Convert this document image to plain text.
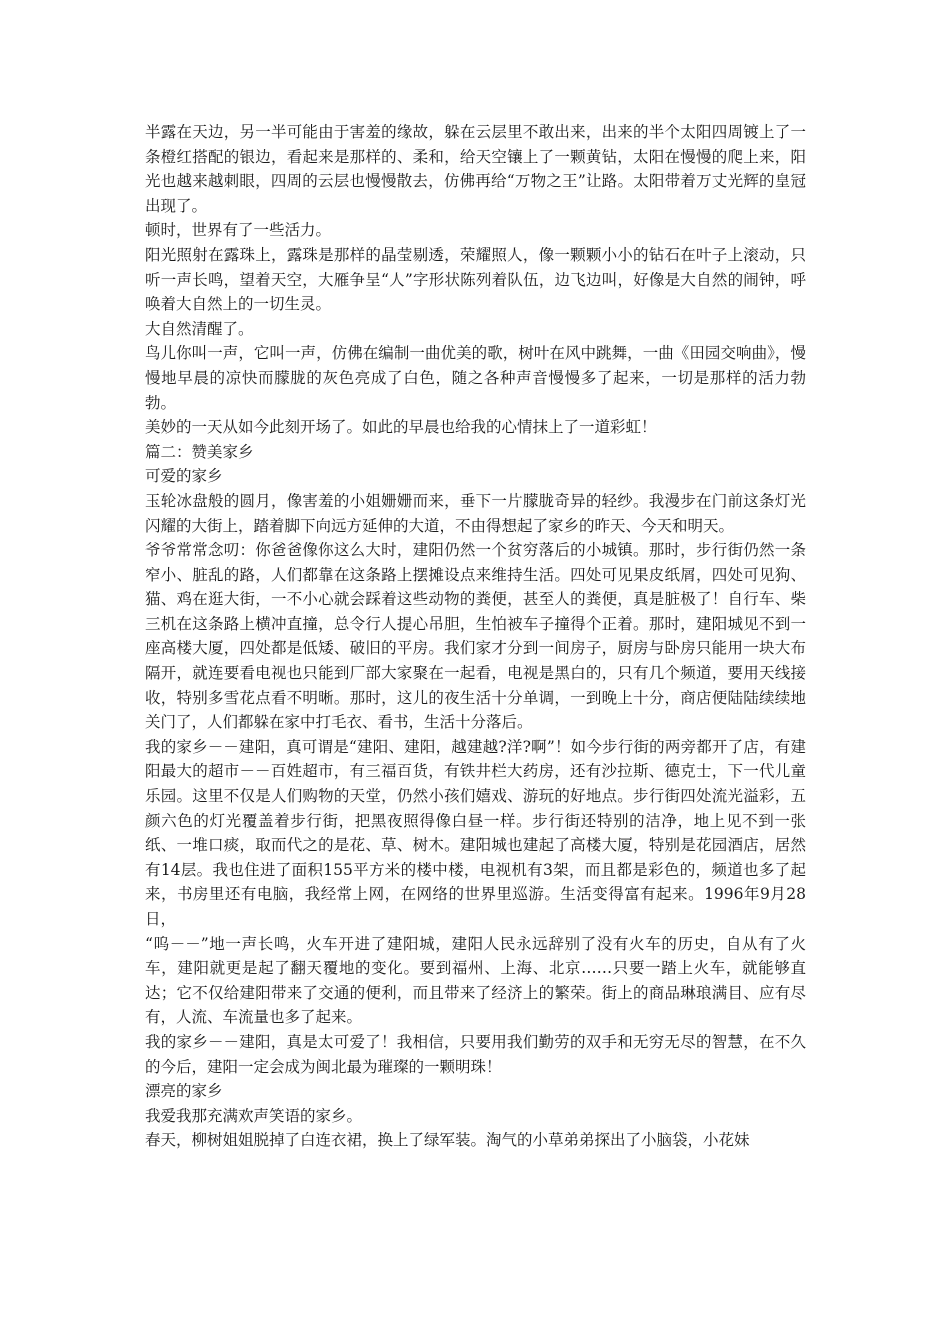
半露在天边，另一半可能由于害羞的缘故，躲在云层里不敢出来，出来的半个太阳四周镀上了一条橙红搭配的银边，看起来是那样的、柔和，给天空镶上了一颗黄钻，太阳在慢慢的爬上来，阳光也越来越刺眼，四周的云层也慢慢散去，仿佛再给“万物之王”让路。太阳带着万丈光辉的皇冠出现了。

顿时，世界有了一些活力。

阳光照射在露珠上，露珠是那样的晶莹剔透，荣耀照人，像一颗颗小小的钻石在叶子上滚动，只听一声长鸣，望着天空，大雁争呈“人”字形状陈列着队伍，边飞边叫，好像是大自然的闹钟，呼唤着大自然上的一切生灵。

大自然清醒了。

鸟儿你叫一声，它叫一声，仿佛在编制一曲优美的歌，树叶在风中跳舞，一曲《田园交响曲》，慢慢地早晨的凉快而朦胧的灰色亮成了白色，随之各种声音慢慢多了起来，一切是那样的活力勃勃。

美妙的一天从如今此刻开场了。如此的早晨也给我的心情抹上了一道彩虹！

篇二：赞美家乡

可爱的家乡

玉轮冰盘般的圆月，像害羞的小姐姗姗而来，垂下一片朦胧奇异的轻纱。我漫步在门前这条灯光闪耀的大街上，踏着脚下向远方延伸的大道，不由得想起了家乡的昨天、今天和明天。

爷爷常常念叨：你爸爸像你这么大时，建阳仍然一个贫穷落后的小城镇。那时，步行街仍然一条窄小、脏乱的路，人们都靠在这条路上摆摊设点来维持生活。四处可见果皮纸屑，四处可见狗、猫、鸡在逛大街，一不小心就会踩着这些动物的粪便，甚至人的粪便，真是脏极了！自行车、柴三机在这条路上横冲直撞，总令行人提心吊胆，生怕被车子撞得个正着。那时，建阳城见不到一座高楼大厦，四处都是低矮、破旧的平房。我们家才分到一间房子，厨房与卧房只能用一块大布隔开，就连要看电视也只能到厂部大家聚在一起看，电视是黑白的，只有几个频道，要用天线接收，特别多雪花点看不明晰。那时，这儿的夜生活十分单调，一到晚上十分，商店便陆陆续续地关门了，人们都躲在家中打毛衣、看书，生活十分落后。

我的家乡－－建阳，真可谓是“建阳、建阳，越建越?洋?啊”！如今步行街的两旁都开了店，有建阳最大的超市－－百姓超市，有三福百货，有铁井栏大药房，还有沙拉斯、德克士，下一代儿童乐园。这里不仅是人们购物的天堂，仍然小孩们嬉戏、游玩的好地点。步行街四处流光溢彩，五颜六色的灯光覆盖着步行街，把黑夜照得像白昼一样。步行街还特别的洁净，地上见不到一张纸、一堆口痰，取而代之的是花、草、树木。建阳城也建起了高楼大厦，特别是花园酒店，居然有14层。我也住进了面积155平方米的楼中楼，电视机有3架，而且都是彩色的，频道也多了起来，书房里还有电脑，我经常上网，在网络的世界里巡游。生活变得富有起来。1996年9月28日，

“呜－－”地一声长鸣，火车开进了建阳城，建阳人民永远辞别了没有火车的历史，自从有了火车，建阳就更是起了翻天覆地的变化。要到福州、上海、北京……只要一踏上火车，就能够直达；它不仅给建阳带来了交通的便利，而且带来了经济上的繁荣。街上的商品琳琅满目、应有尽有，人流、车流量也多了起来。

我的家乡－－建阳，真是太可爱了！我相信，只要用我们勤劳的双手和无穷无尽的智慧，在不久的今后，建阳一定会成为闽北最为璀璨的一颗明珠！

漂亮的家乡

我爱我那充满欢声笑语的家乡。

春天，柳树姐姐脱掉了白连衣裙，换上了绿军装。淘气的小草弟弟探出了小脑袋，小花妹
